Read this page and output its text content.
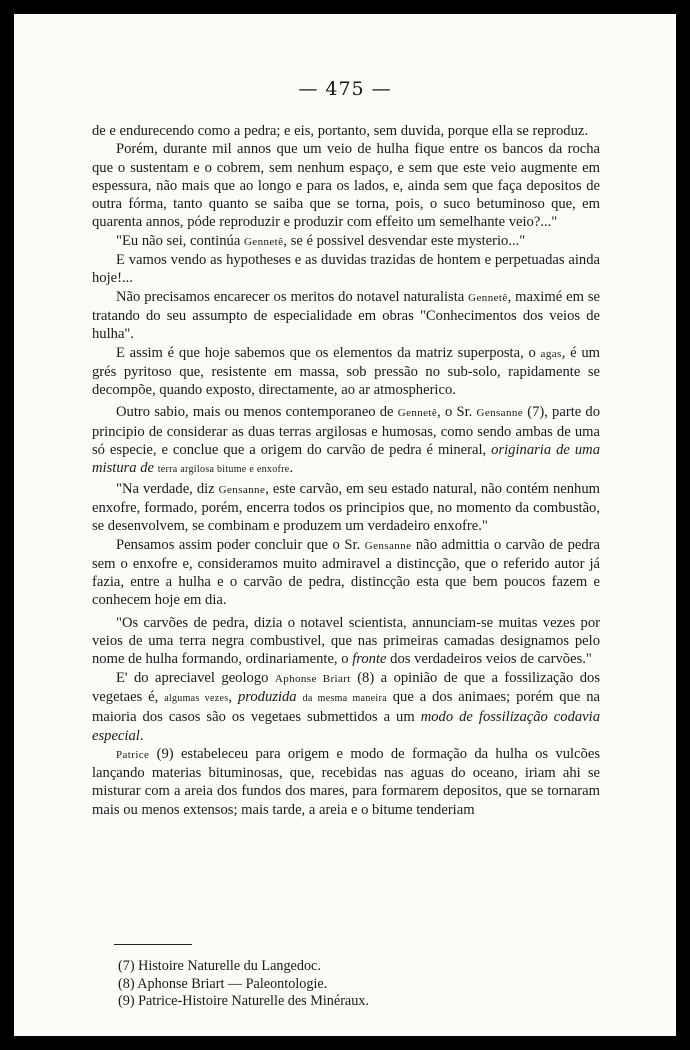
— 475 —

de e endurecendo como a pedra; e eis, portanto, sem duvida, porque ella se reproduz.

Porém, durante mil annos que um veio de hulha fique entre os bancos da rocha que o sustentam e o cobrem, sem nenhum espaço, e sem que este veio augmente em espessura, não mais que ao longo e para os lados, e, ainda sem que faça depositos de outra fórma, tanto quanto se saiba que se torna, pois, o suco betuminoso que, em quarenta annos, póde reproduzir e produzir com effeito um semelhante veio?..."

"Eu não sei, continúa Gennetê, se é possivel desvendar este mysterio..."

E vamos vendo as hypotheses e as duvidas trazidas de hontem e perpetuadas ainda hoje!...

Não precisamos encarecer os meritos do notavel naturalista Gennetê, maximé em se tratando do seu assumpto de especialidade em obras "Conhecimentos dos veios de hulha".

E assim é que hoje sabemos que os elementos da matriz superposta, o agas, é um grés pyritoso que, resistente em massa, sob pressão no sub-solo, rapidamente se decompõe, quando exposto, directamente, ao ar atmospherico.

Outro sabio, mais ou menos contemporaneo de Gennetê, o Sr. Gensanne (7), parte do principio de considerar as duas terras argilosas e humosas, como sendo ambas de uma só especie, e conclue que a origem do carvão de pedra é mineral, originaria de uma mistura de terra argilosa bitume e enxofre.

"Na verdade, diz Gensanne, este carvão, em seu estado natural, não contém nenhum enxofre, formado, porém, encerra todos os principios que, no momento da combustão, se desenvolvem, se combinam e produzem um verdadeiro enxofre."

Pensamos assim poder concluir que o Sr. Gensanne não admittia o carvão de pedra sem o enxofre e, consideramos muito admiravel a distincção, que o referido autor já fazia, entre a hulha e o carvão de pedra, distincção esta que bem poucos fazem e conhecem hoje em dia.

"Os carvões de pedra, dizia o notavel scientista, annunciam-se muitas vezes por veios de uma terra negra combustivel, que nas primeiras camadas designamos pelo nome de hulha formando, ordinariamente, o fronte dos verdadeiros veios de carvões."

E' do apreciavel geologo Aphonse Briart (8) a opinião de que a fossilização dos vegetaes é, algumas vezes, produzida da mesma maneira que a dos animaes; porém que na maioria dos casos são os vegetaes submettidos a um modo de fossilização codavia especial.

Patrice (9) estabeleceu para origem e modo de formação da hulha os vulcões lançando materias bituminosas, que, recebidas nas aguas do oceano, iriam ahi se misturar com a areia dos fundos dos mares, para formarem depositos, que se tornaram mais ou menos extensos; mais tarde, a areia e o bitume tenderiam

(7) Histoire Naturelle du Langedoc.
(8) Aphonse Briart — Paleontologie.
(9) Patrice-Histoire Naturelle des Minéraux.
